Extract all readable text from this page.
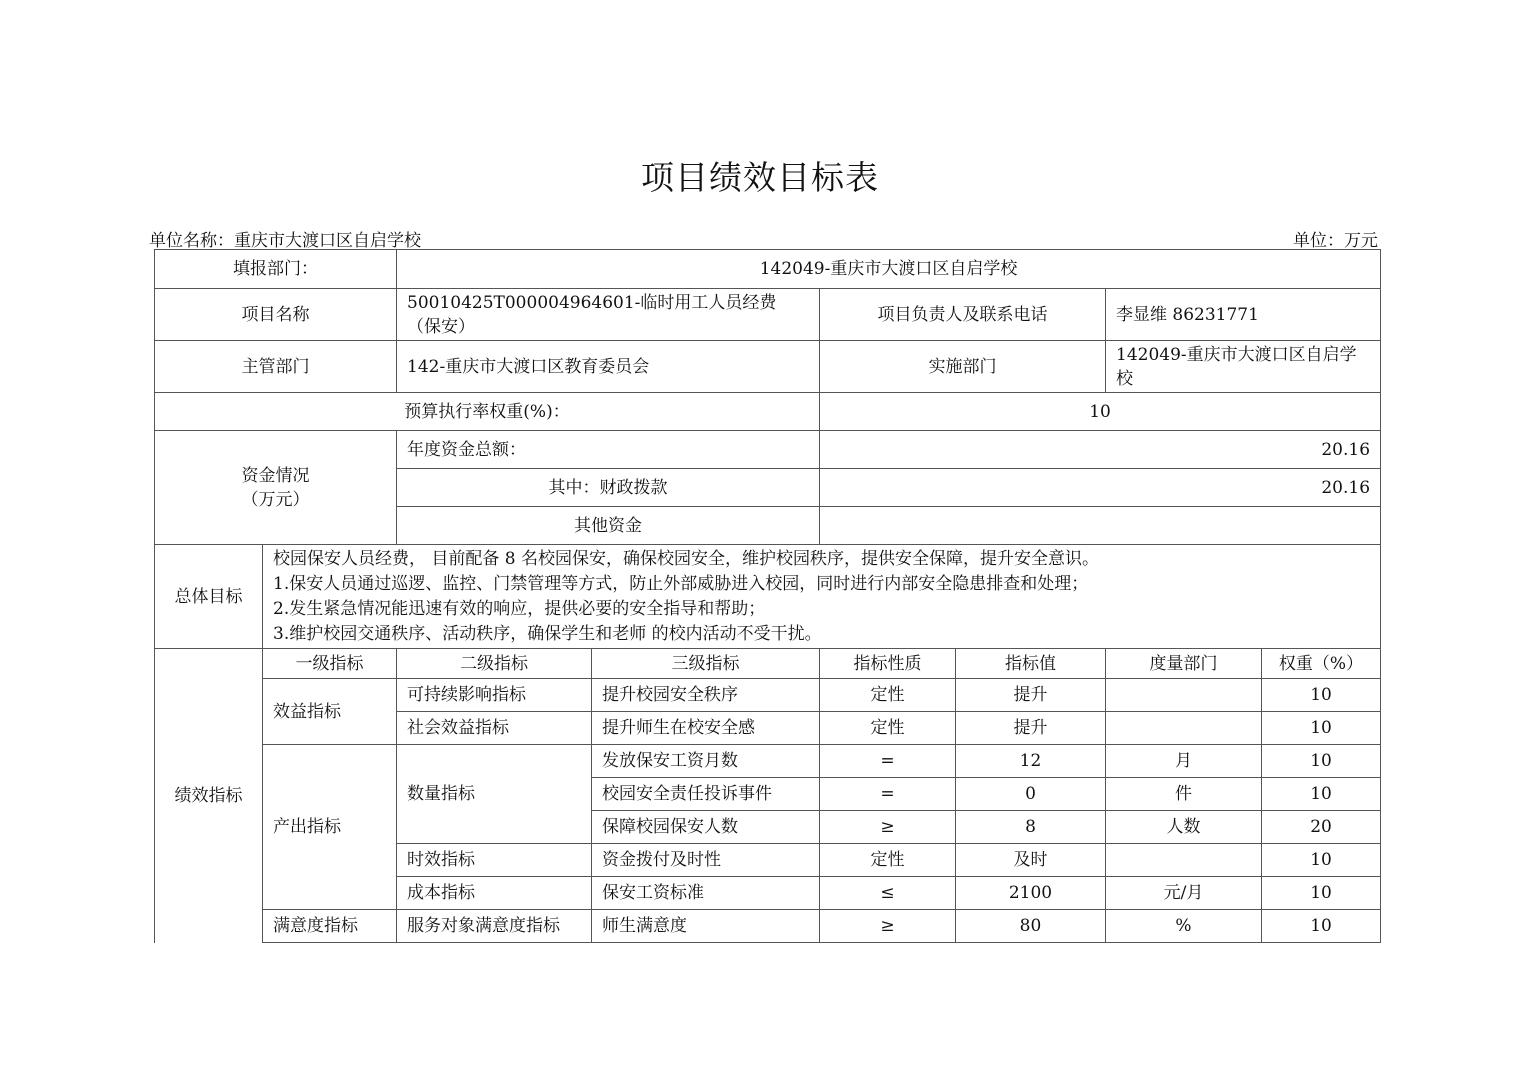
项目绩效目标表
单位名称：重庆市大渡口区自启学校	单位：万元
填报部门：		142049-重庆市大渡口区自启学校					
项目名称		50010425T000004964601-临时用工人员经费（保安）		项目负责人及联系电话		李显维 86231771	
主管部门		142-重庆市大渡口区教育委员会		实施部门		142049-重庆市大渡口区自启学校	
预算执行率权重(%)：				10			

资金情况
（万元）		年度资金总额：		20.16			
		其中：财政拨款		20.16			
		其他资金					
总体目标	校园保安人员经费， 目前配备 8 名校园保安，确保校园安全，维护校园秩序，提供安全保障，提升安全意识。
1.保安人员通过巡逻、监控、门禁管理等方式，防止外部威胁进入校园，同时进行内部安全隐患排查和处理；
2.发生紧急情况能迅速有效的响应，提供必要的安全指导和帮助；
3.维护校园交通秩序、活动秩序，确保学生和老师 的校内活动不受干扰。						

绩效指标	一级指标	二级指标	三级指标	指标性质	指标值	度量部门	权重（%）
	效益指标	可持续影响指标	提升校园安全秩序	定性	提升		10
		社会效益指标	提升师生在校安全感	定性	提升		10
	产出指标	数量指标	发放保安工资月数	=	12	月	10
			校园安全责任投诉事件	=	0	件	10
			保障校园保安人数	≥	8	人数	20
		时效指标	资金拨付及时性	定性	及时		10
		成本指标	保安工资标准	≤	2100	元/月	10
	满意度指标	服务对象满意度指标	师生满意度	≥	80	%	10
